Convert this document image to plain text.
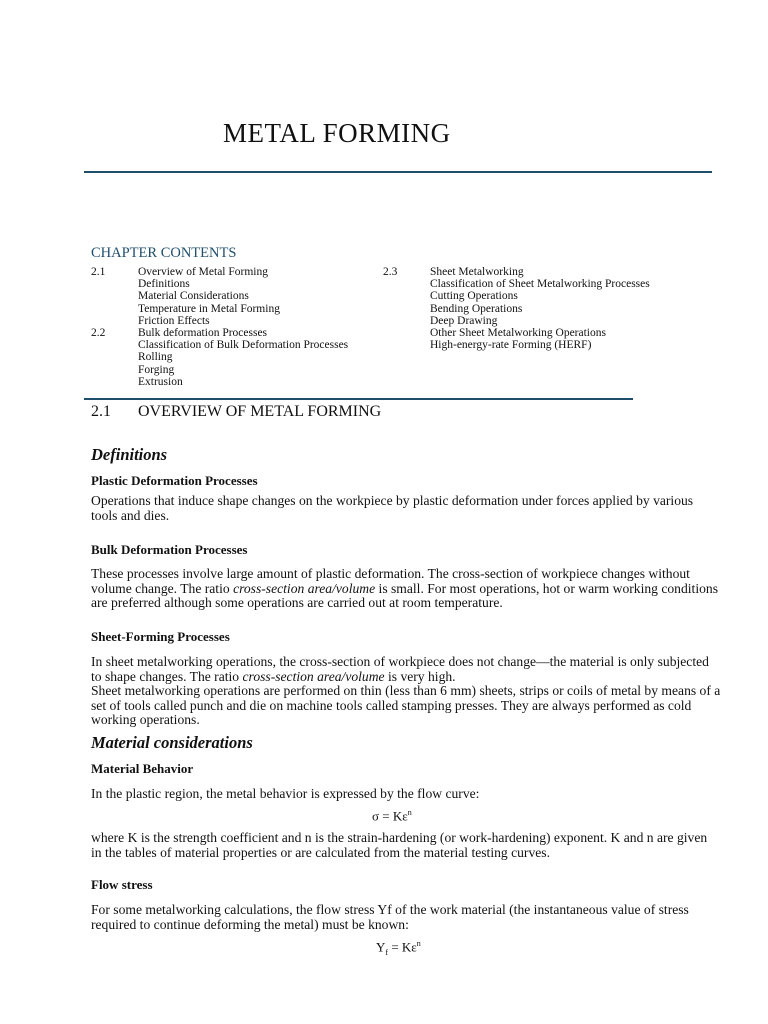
METAL FORMING
CHAPTER CONTENTS
2.1	Overview of Metal Forming
Definitions
Material Considerations
Temperature in Metal Forming
Friction Effects
2.2	Bulk deformation Processes
Classification of Bulk Deformation Processes
Rolling
Forging
Extrusion
2.3	Sheet Metalworking
Classification of Sheet Metalworking Processes
Cutting Operations
Bending Operations
Deep Drawing
Other Sheet Metalworking Operations
High-energy-rate Forming (HERF)
2.1 OVERVIEW OF METAL FORMING
Definitions
Plastic Deformation Processes
Operations that induce shape changes on the workpiece by plastic deformation under forces applied by various tools and dies.
Bulk Deformation Processes
These processes involve large amount of plastic deformation. The cross-section of workpiece changes without volume change. The ratio cross-section area/volume is small. For most operations, hot or warm working conditions are preferred although some operations are carried out at room temperature.
Sheet-Forming Processes
In sheet metalworking operations, the cross-section of workpiece does not change—the material is only subjected to shape changes. The ratio cross-section area/volume is very high.
Sheet metalworking operations are performed on thin (less than 6 mm) sheets, strips or coils of metal by means of a set of tools called punch and die on machine tools called stamping presses. They are always performed as cold working operations.
Material considerations
Material Behavior
In the plastic region, the metal behavior is expressed by the flow curve:
$\sigma = K\varepsilon^n$
where K is the strength coefficient and n is the strain-hardening (or work-hardening) exponent. K and n are given in the tables of material properties or are calculated from the material testing curves.
Flow stress
For some metalworking calculations, the flow stress Yf of the work material (the instantaneous value of stress required to continue deforming the metal) must be known:
$Y_f = K\varepsilon^n$
